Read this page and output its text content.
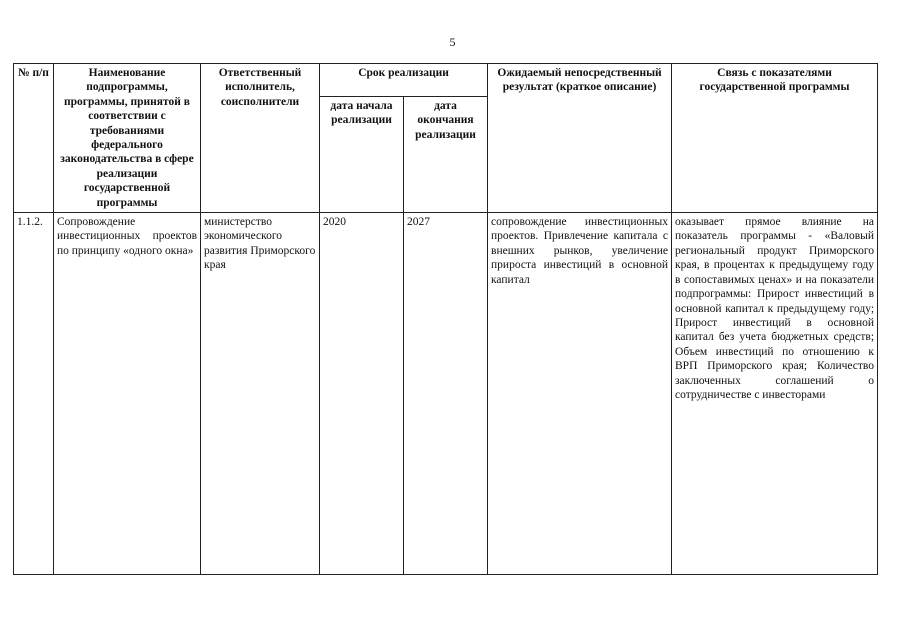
5
№ п/п	Наименование подпрограммы, программы, принятой в соответствии с требованиями федерального законодательства в сфере реализации государственной программы	Ответственный исполнитель, соисполнители	Срок реализации		Ожидаемый непосредственный результат (краткое описание)	Связь с показателями государственной программы
			дата начала реализации	дата окончания реализации		
1.1.2.	Сопровождение инвестиционных проектов по принципу «одного окна»	министерство экономического развития Приморского края	2020	2027	сопровождение инвестиционных проектов. Привлечение капитала с внешних рынков, увеличение прироста инвестиций в основной капитал	оказывает прямое влияние на показатель программы - «Валовый региональный продукт Приморского края, в процентах к предыдущему году в сопоставимых ценах» и на показатели подпрограммы: Прирост инвестиций в основной капитал к предыдущему году; Прирост инвестиций в основной капитал без учета бюджетных средств; Объем инвестиций по отношению к ВРП Приморского края; Количество заключенных соглашений о сотрудничестве с инвесторами
